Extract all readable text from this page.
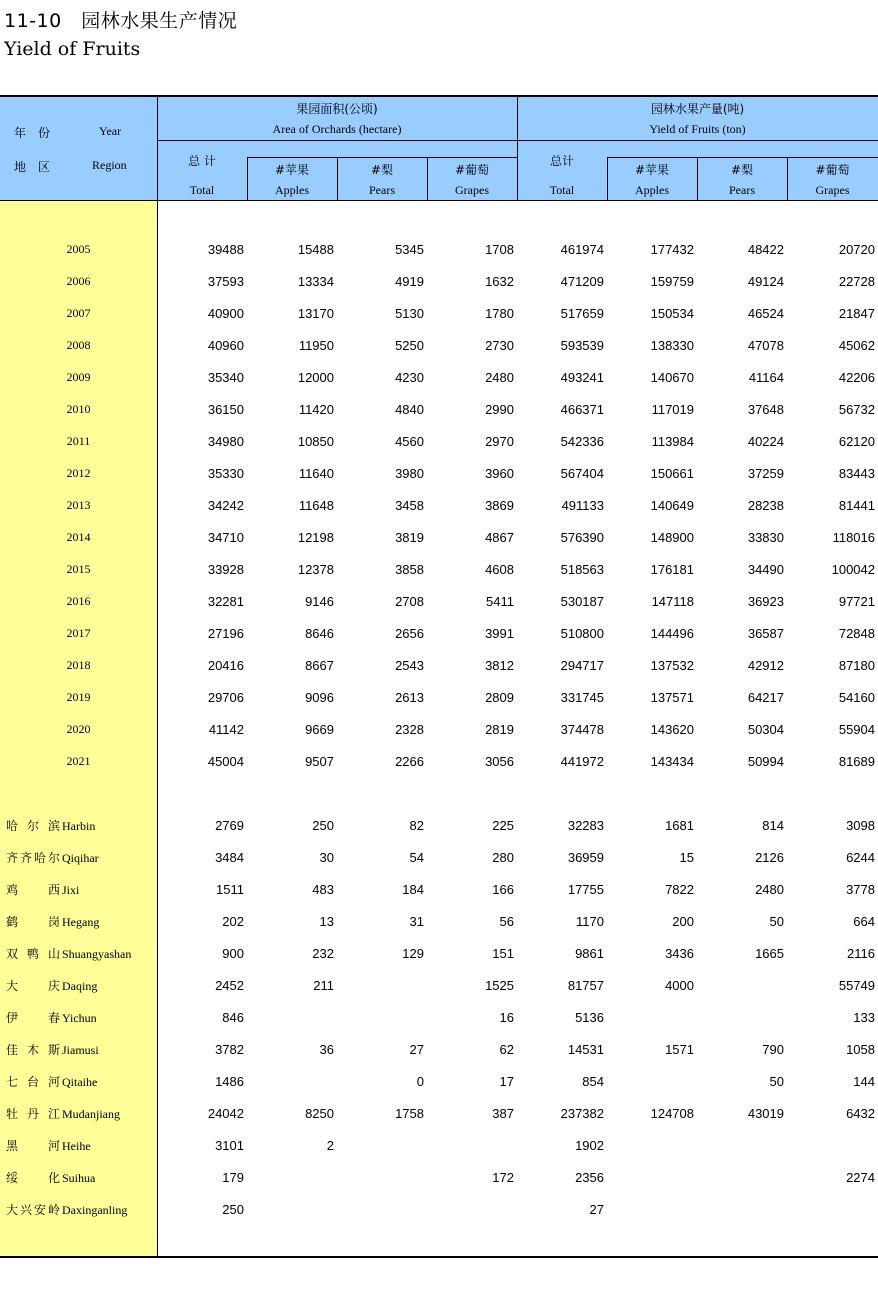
11-10　园林水果生产情况
Yield of Fruits
年　份	Year
地　区	Region
果园面积(公顷)
Area of Orchards (hectare)
园林水果产量(吨)
Yield of Fruits (ton)
总 计
Total
#苹果
Apples
#梨
Pears
#葡萄
Grapes
总计
Total
#苹果
Apples
#梨
Pears
#葡萄
Grapes

2005	39488	15488	5345	1708	461974	177432	48422	20720
2006	37593	13334	4919	1632	471209	159759	49124	22728
2007	40900	13170	5130	1780	517659	150534	46524	21847
2008	40960	11950	5250	2730	593539	138330	47078	45062
2009	35340	12000	4230	2480	493241	140670	41164	42206
2010	36150	11420	4840	2990	466371	117019	37648	56732
2011	34980	10850	4560	2970	542336	113984	40224	62120
2012	35330	11640	3980	3960	567404	150661	37259	83443
2013	34242	11648	3458	3869	491133	140649	28238	81441
2014	34710	12198	3819	4867	576390	148900	33830	118016
2015	33928	12378	3858	4608	518563	176181	34490	100042
2016	32281	9146	2708	5411	530187	147118	36923	97721
2017	27196	8646	2656	3991	510800	144496	36587	72848
2018	20416	8667	2543	3812	294717	137532	42912	87180
2019	29706	9096	2613	2809	331745	137571	64217	54160
2020	41142	9669	2328	2819	374478	143620	50304	55904
2021	45004	9507	2266	3056	441972	143434	50994	81689

哈尔滨 Harbin	2769	250	82	225	32283	1681	814	3098
齐齐哈尔 Qiqihar	3484	30	54	280	36959	15	2126	6244
鸡西 Jixi	1511	483	184	166	17755	7822	2480	3778
鹤岗 Hegang	202	13	31	56	1170	200	50	664
双鸭山 Shuangyashan	900	232	129	151	9861	3436	1665	2116
大庆 Daqing	2452	211		1525	81757	4000		55749
伊春 Yichun	846			16	5136			133
佳木斯 Jiamusi	3782	36	27	62	14531	1571	790	1058
七台河 Qitaihe	1486		0	17	854		50	144
牡丹江 Mudanjiang	24042	8250	1758	387	237382	124708	43019	6432
黑河 Heihe	3101	2			1902			
绥化 Suihua	179			172	2356			2274
大兴安岭 Daxinganling	250				27			
